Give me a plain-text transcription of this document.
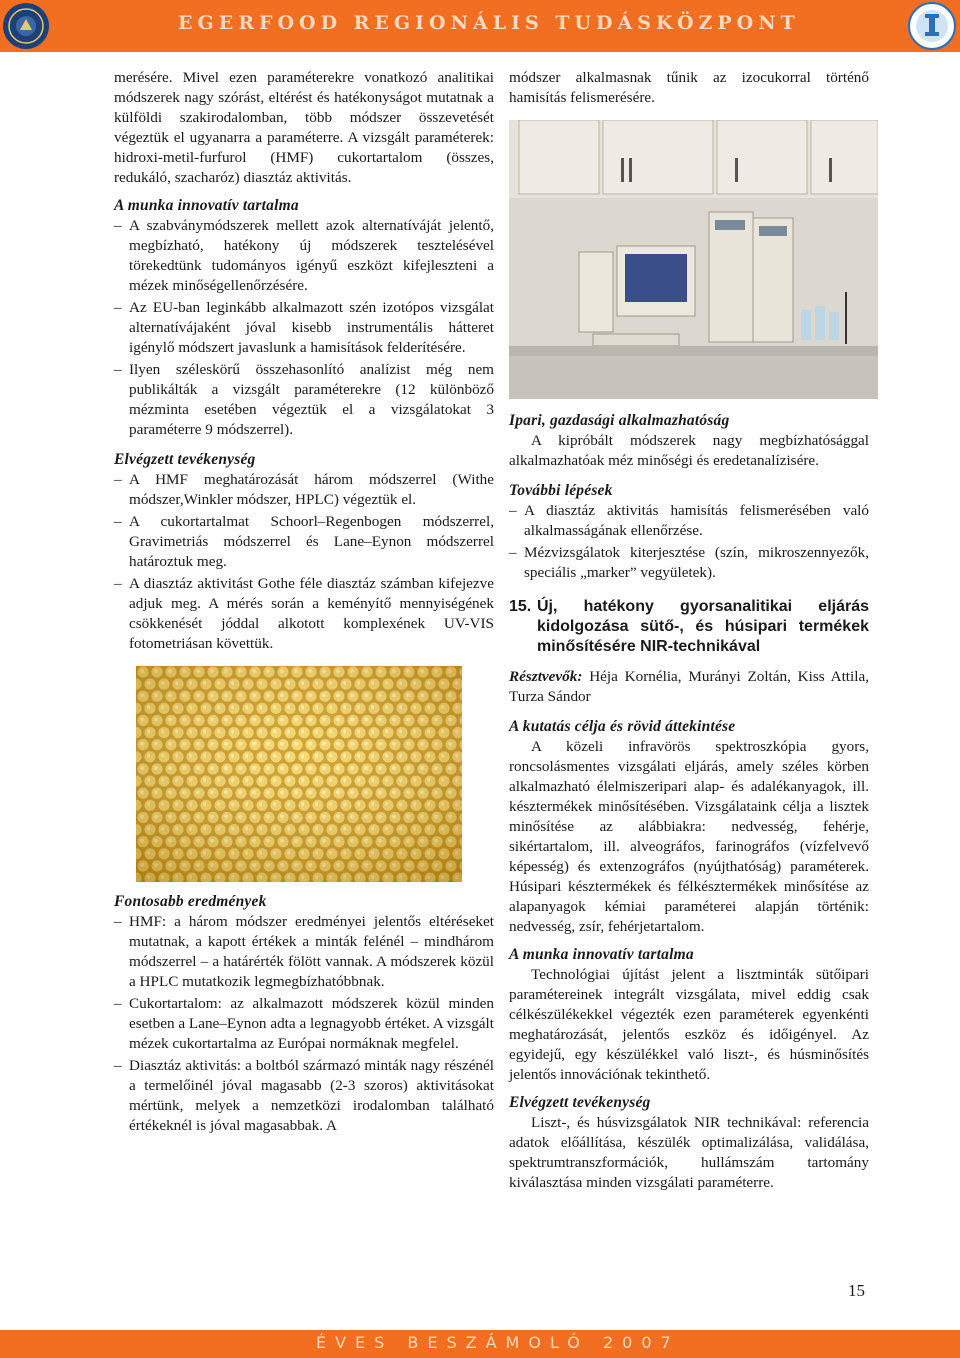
EGERFOOD REGIONÁLIS TUDÁSKÖZPONT

merésére. Mivel ezen paraméterekre vonatkozó analitikai módszerek nagy szórást, eltérést és hatékonyságot mutatnak a külföldi szakirodalomban, több módszer összevetését végeztük el ugyanarra a paraméterre. A vizsgált paraméterek: hidroxi-metil-furfurol (HMF) cukortartalom (összes, redukáló, szacharóz) diasztáz aktivitás.

A munka innovatív tartalma
– A szabványmódszerek mellett azok alternatíváját jelentő, megbízható, hatékony új módszerek tesztelésével törekedtünk tudományos igényű eszközt kifejleszteni a mézek minőségellenőrzésére.
– Az EU-ban leginkább alkalmazott szén izotópos vizsgálat alternatívájaként jóval kisebb instrumentális hátteret igénylő módszert javaslunk a hamisítások felderítésére.
– Ilyen széleskörű összehasonlító analízist még nem publikálták a vizsgált paraméterekre (12 különböző mézminta esetében végeztük el a vizsgálatokat 3 paraméterre 9 módszerrel).
Elvégzett tevékenység
– A HMF meghatározását három módszerrel (Withe módszer,Winkler módszer, HPLC) végeztük el.
– A cukortartalmat Schoorl–Regenbogen módszerrel, Gravimetriás módszerrel és Lane–Eynon módszerrel határoztuk meg.
– A diasztáz aktivitást Gothe féle diasztáz számban kifejezve adjuk meg. A mérés során a keményítő mennyiségének csökkenését jóddal alkotott komplexének UV-VIS fotometriásan követtük.
Fontosabb eredmények
– HMF: a három módszer eredményei jelentős eltéréseket mutatnak, a kapott értékek a minták felénél – mindhárom módszerrel – a határérték fölött vannak. A módszerek közül a HPLC mutatkozik legmegbízhatóbbnak.
– Cukortartalom: az alkalmazott módszerek közül minden esetben a Lane–Eynon adta a legnagyobb értéket. A vizsgált mézek cukortartalma az Európai normáknak megfelel.
– Diasztáz aktivitás: a boltból származó minták nagy részénél a termelőinél jóval magasabb (2-3 szoros) aktivitásokat mértünk, melyek a nemzetközi irodalomban található értékeknél is jóval magasabbak. A

módszer alkalmasnak tűnik az izocukorral történő hamisítás felismerésére.

Ipari, gazdasági alkalmazhatóság

A kipróbált módszerek nagy megbízhatósággal alkalmazhatóak méz minőségi és eredetanalízisére.

További lépések
– A diasztáz aktivitás hamisítás felismerésében való alkalmasságának ellenőrzése.
– Mézvizsgálatok kiterjesztése (szín, mikroszennyezők, speciális „marker” vegyületek).

15. Új, hatékony gyorsanalitikai eljárás kidolgozása sütő-, és húsipari termékek minősítésére NIR-technikával

Résztvevők: Héja Kornélia, Murányi Zoltán, Kiss Attila, Turza Sándor

A kutatás célja és rövid áttekintése

A közeli infravörös spektroszkópia gyors, roncsolásmentes vizsgálati eljárás, amely széles körben alkalmazható élelmiszeripari alap- és adalékanyagok, ill. késztermékek minősítésében. Vizsgálataink célja a lisztek minősítése az alábbiakra: nedvesség, fehérje, sikértartalom, ill. alveográfos, farinográfos (vízfelvevő képesség) és extenzográfos (nyújthatóság) paraméterek. Húsipari késztermékek és félkésztermékek minősítése az alapanyagok kémiai paraméterei alapján történik: nedvesség, zsír, fehérjetartalom.

A munka innovatív tartalma

Technológiai újítást jelent a lisztminták sütőipari paramétereinek integrált vizsgálata, mivel eddig csak célkészülékekkel végezték ezen paraméterek egyenkénti meghatározását, jelentős eszköz és időigényel. Az egyidejű, egy készülékkel való liszt-, és húsminősítés jelentős innovációnak tekinthető.

Elvégzett tevékenység

Liszt-, és húsvizsgálatok NIR technikával: referencia adatok előállítása, készülék optimalizálása, validálása, spektrumtranszformációk, hullámszám tartomány kiválasztása minden vizsgálati paraméterre.

15

ÉVES BESZÁMOLÓ 2007
